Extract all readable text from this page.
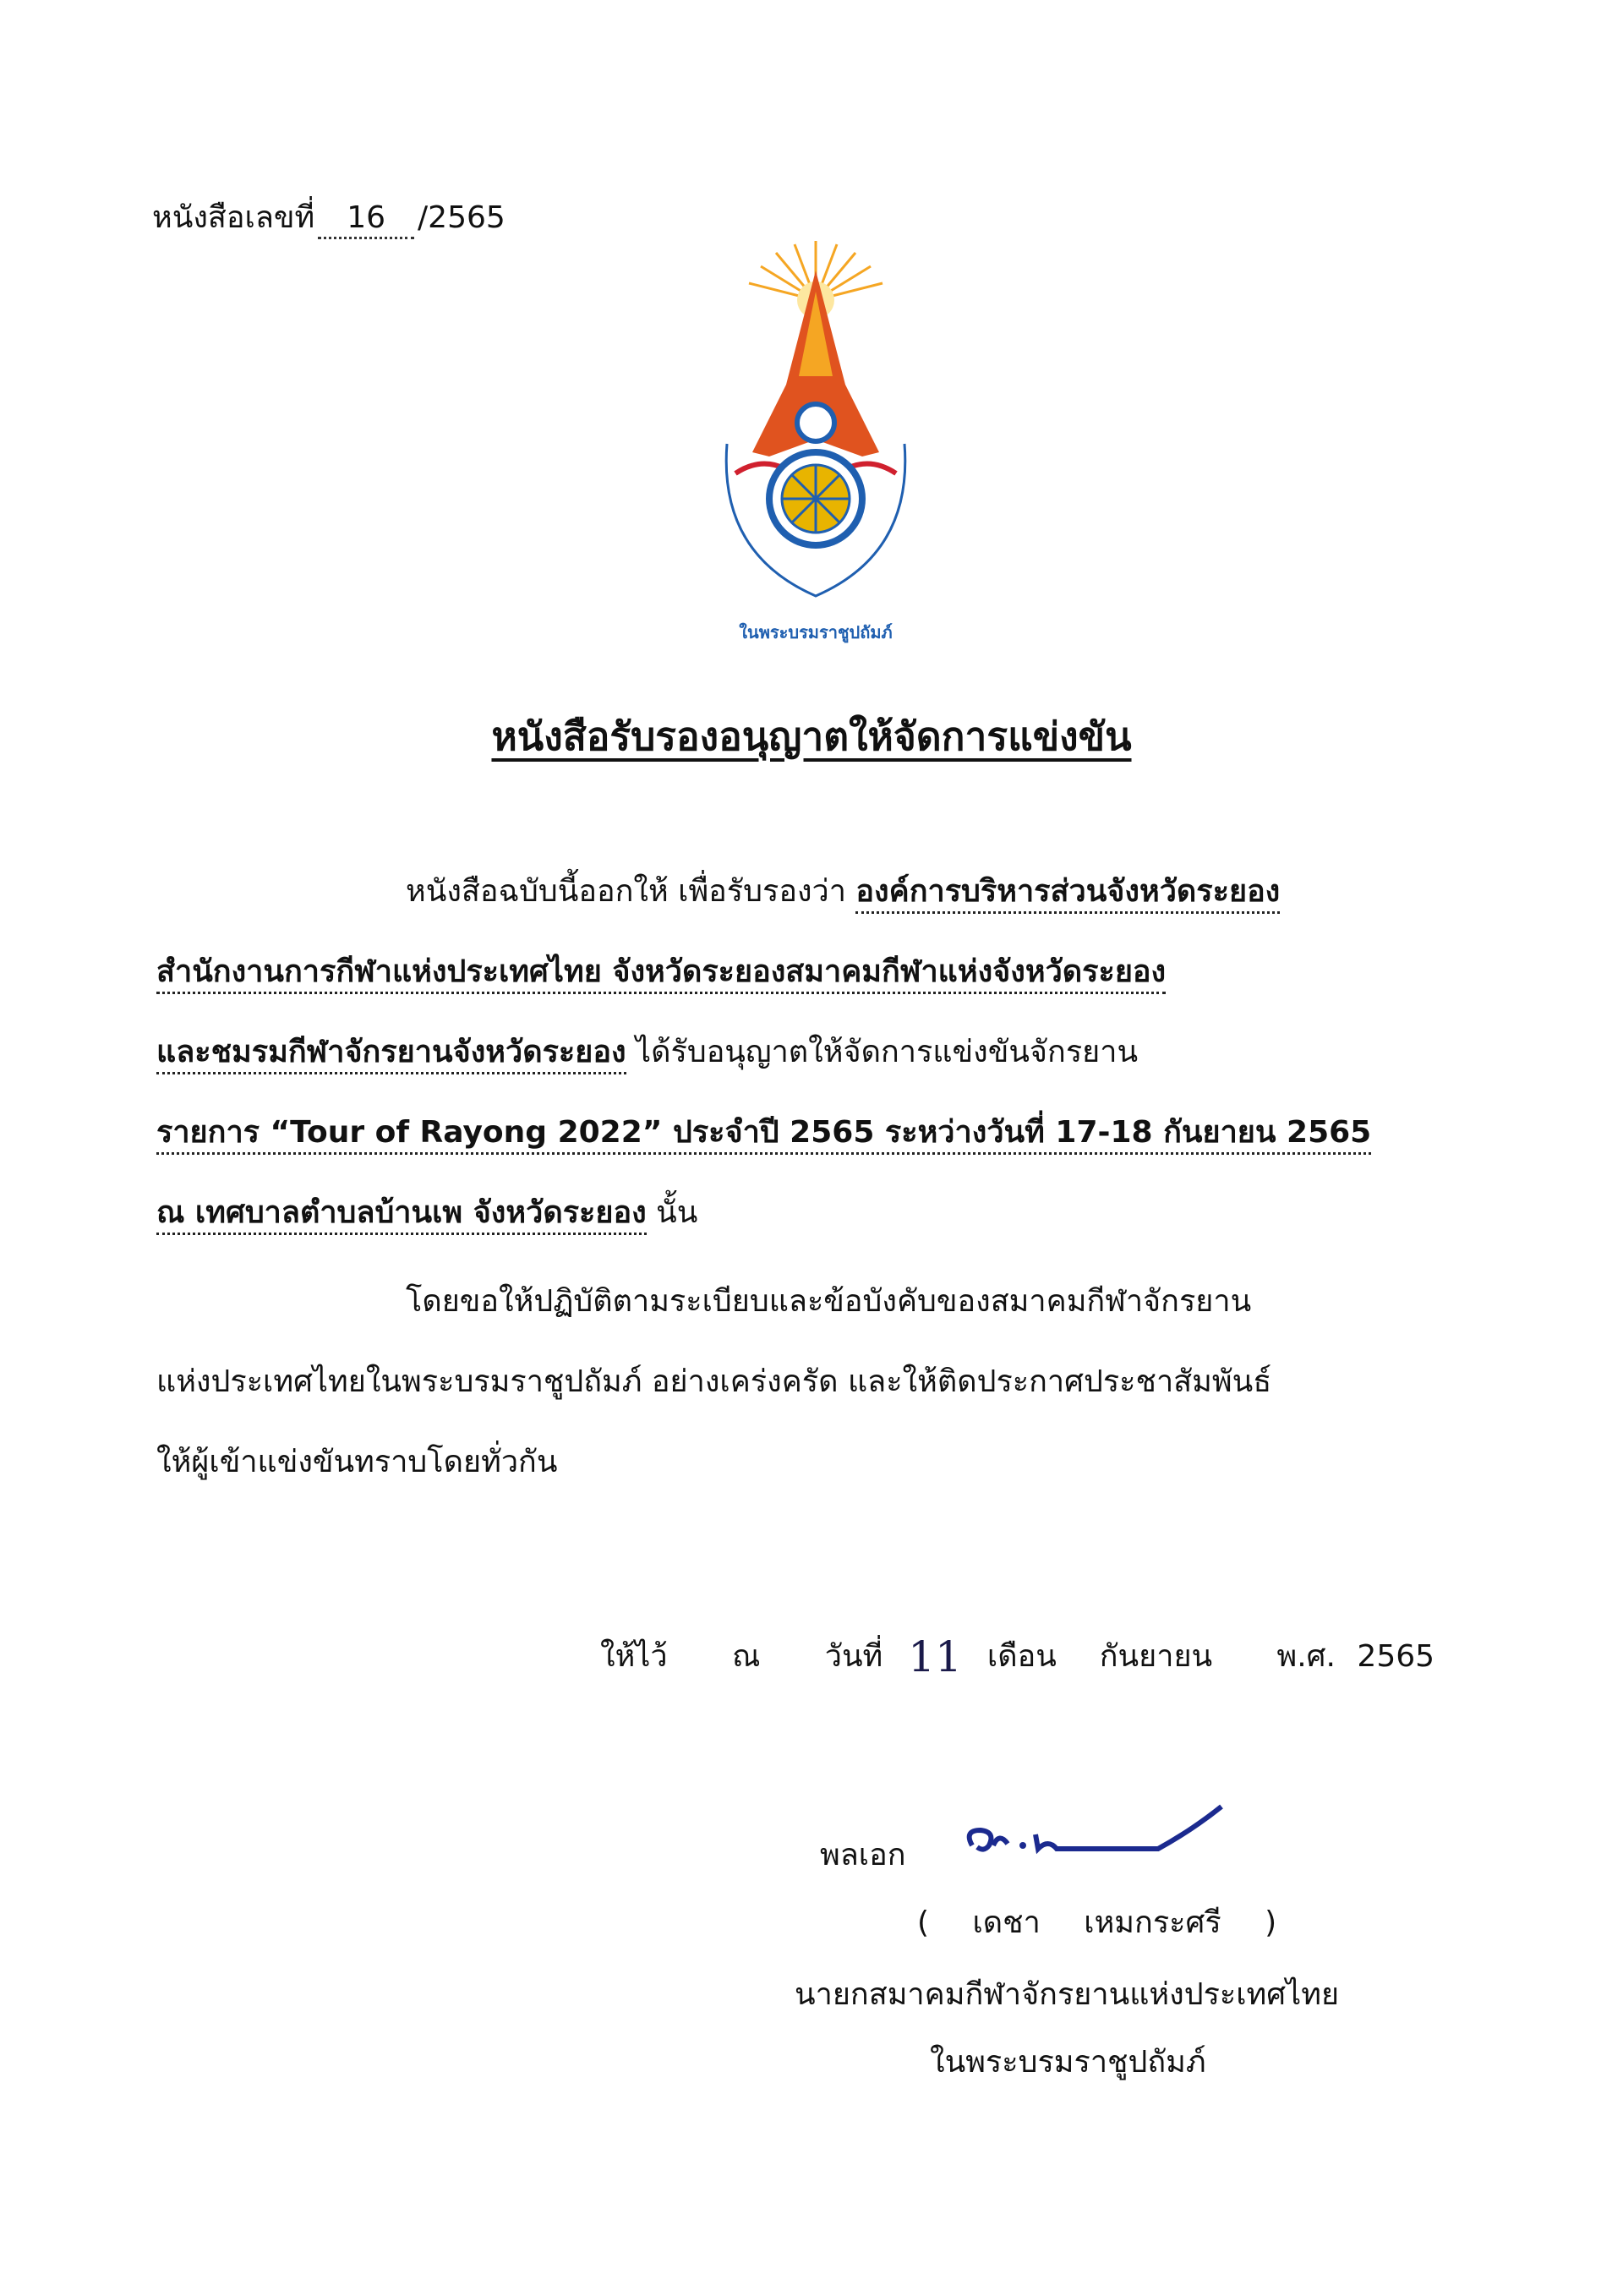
หนังสือเลขที่ 16 /2565
ในพระบรมราชูปถัมภ์
หนังสือรับรองอนุญาตให้จัดการแข่งขัน
หนังสือฉบับนี้ออกให้ เพื่อรับรองว่า องค์การบริหารส่วนจังหวัดระยอง
สำนักงานการกีฬาแห่งประเทศไทย จังหวัดระยองสมาคมกีฬาแห่งจังหวัดระยอง
และชมรมกีฬาจักรยานจังหวัดระยอง ได้รับอนุญาตให้จัดการแข่งขันจักรยาน
รายการ “Tour of Rayong 2022” ประจำปี 2565 ระหว่างวันที่ 17-18 กันยายน 2565
ณ เทศบาลตำบลบ้านเพ จังหวัดระยอง นั้น
โดยขอให้ปฏิบัติตามระเบียบและข้อบังคับของสมาคมกีฬาจักรยาน
แห่งประเทศไทยในพระบรมราชูปถัมภ์ อย่างเคร่งครัด และให้ติดประกาศประชาสัมพันธ์
ให้ผู้เข้าแข่งขันทราบโดยทั่วกัน
ให้ไว้ ณ วันที่ 11 เดือน กันยายน พ.ศ. 2565
พลเอก
( เดชา เหมกระศรี )
นายกสมาคมกีฬาจักรยานแห่งประเทศไทย
ในพระบรมราชูปถัมภ์
